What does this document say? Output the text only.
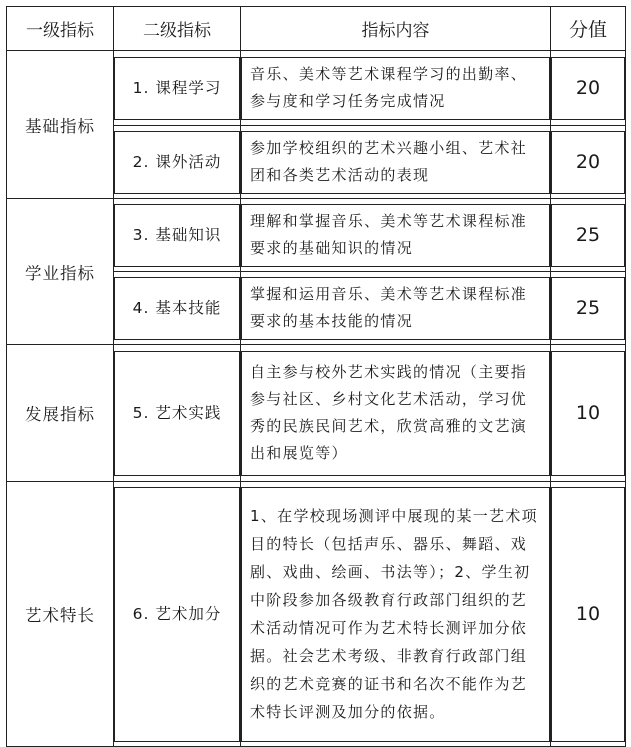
一级指标	二级指标	指标内容	分值
基础指标	1. 课程学习	音乐、美术等艺术课程学习的出勤率、参与度和学习任务完成情况	20

2. 课外活动	参加学校组织的艺术兴趣小组、艺术社团和各类艺术活动的表现	20

学业指标	3. 基础知识	理解和掌握音乐、美术等艺术课程标准要求的基础知识的情况	25

4. 基本技能	掌握和运用音乐、美术等艺术课程标准要求的基本技能的情况	25

发展指标	5. 艺术实践	自主参与校外艺术实践的情况（主要指参与社区、乡村文化艺术活动，学习优秀的民族民间艺术，欣赏高雅的文艺演出和展览等）	10

艺术特长	6. 艺术加分	1、在学校现场测评中展现的某一艺术项目的特长（包括声乐、器乐、舞蹈、戏剧、戏曲、绘画、书法等）；2、学生初中阶段参加各级教育行政部门组织的艺术活动情况可作为艺术特长测评加分依据。社会艺术考级、非教育行政部门组织的艺术竞赛的证书和名次不能作为艺术特长评测及加分的依据。	10
